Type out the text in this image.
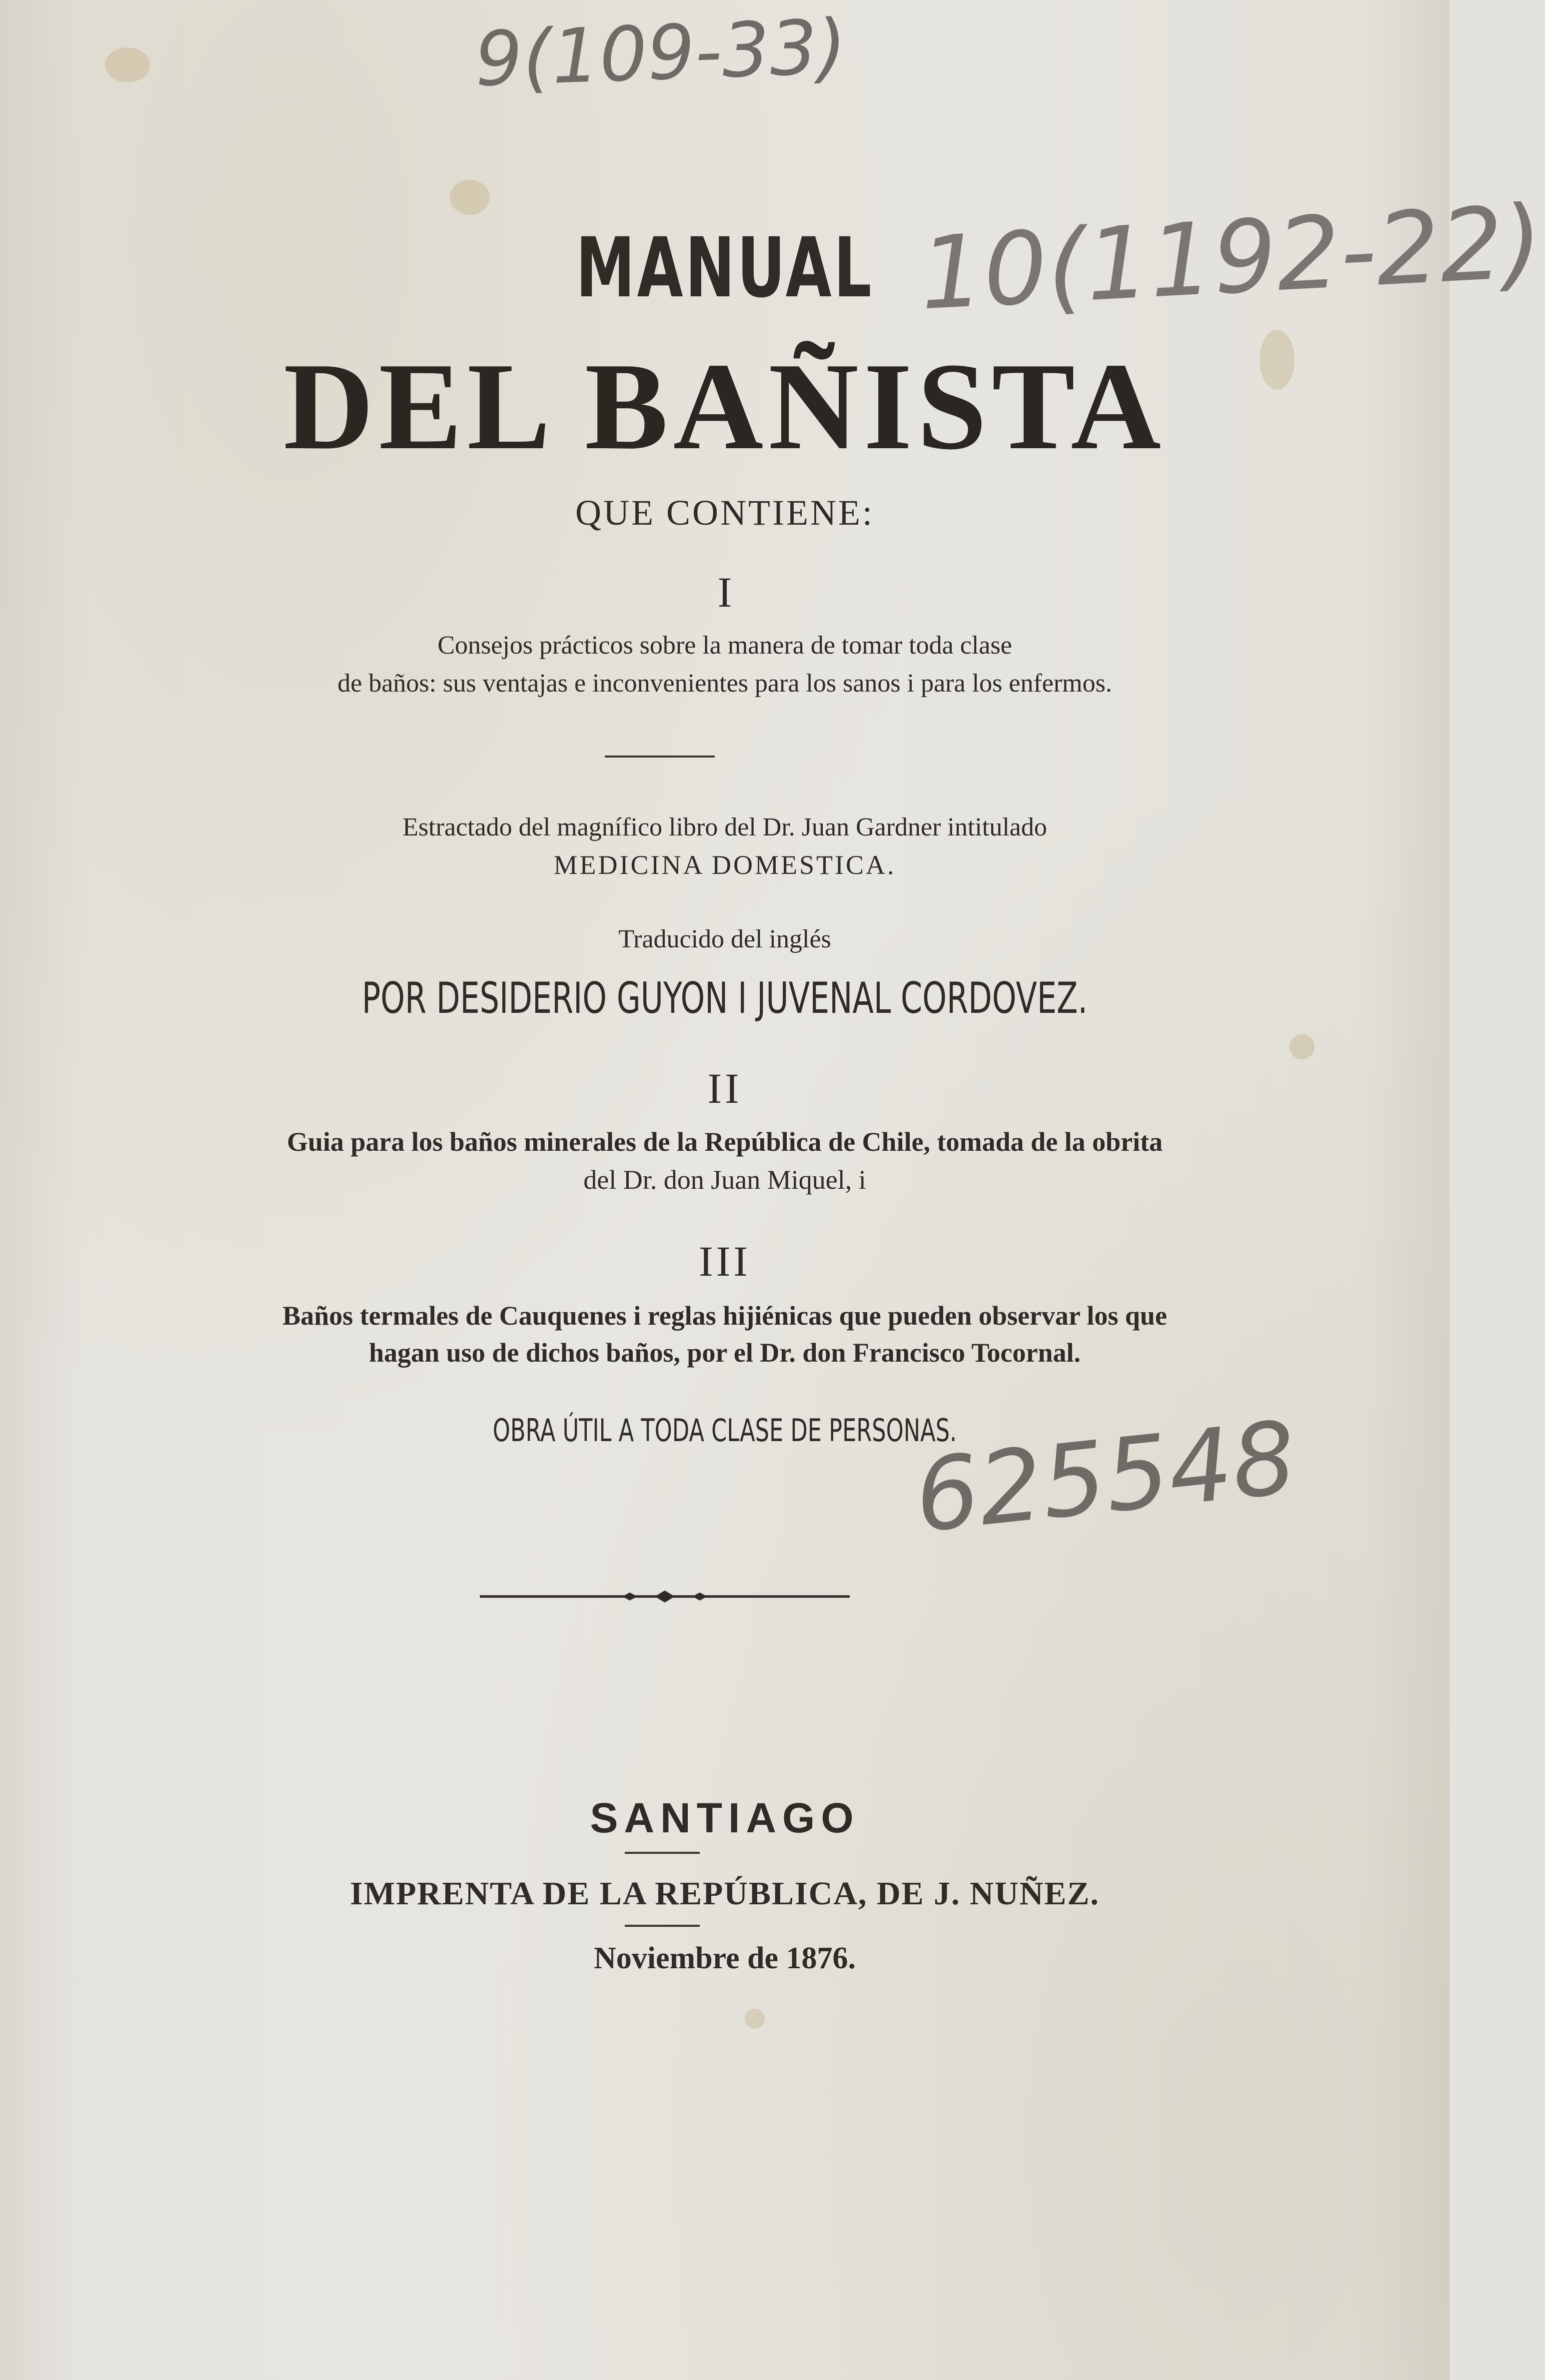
9(109-33)
10(1192-22)
625548
MANUAL
DEL BAÑISTA
QUE CONTIENE:
I
Consejos prácticos sobre la manera de tomar toda clase
de baños: sus ventajas e inconvenientes para los sanos i para los enfermos.
Estractado del magnífico libro del Dr. Juan Gardner intitulado
MEDICINA DOMESTICA.
Traducido del inglés
POR DESIDERIO GUYON I JUVENAL CORDOVEZ.
II
Guia para los baños minerales de la República de Chile, tomada de la obrita
del Dr. don Juan Miquel, i
III
Baños termales de Cauquenes i reglas hijiénicas que pueden observar los que
hagan uso de dichos baños, por el Dr. don Francisco Tocornal.
OBRA ÚTIL A TODA CLASE DE PERSONAS.
SANTIAGO
IMPRENTA DE LA REPÚBLICA, DE J. NUÑEZ.
Noviembre de 1876.
